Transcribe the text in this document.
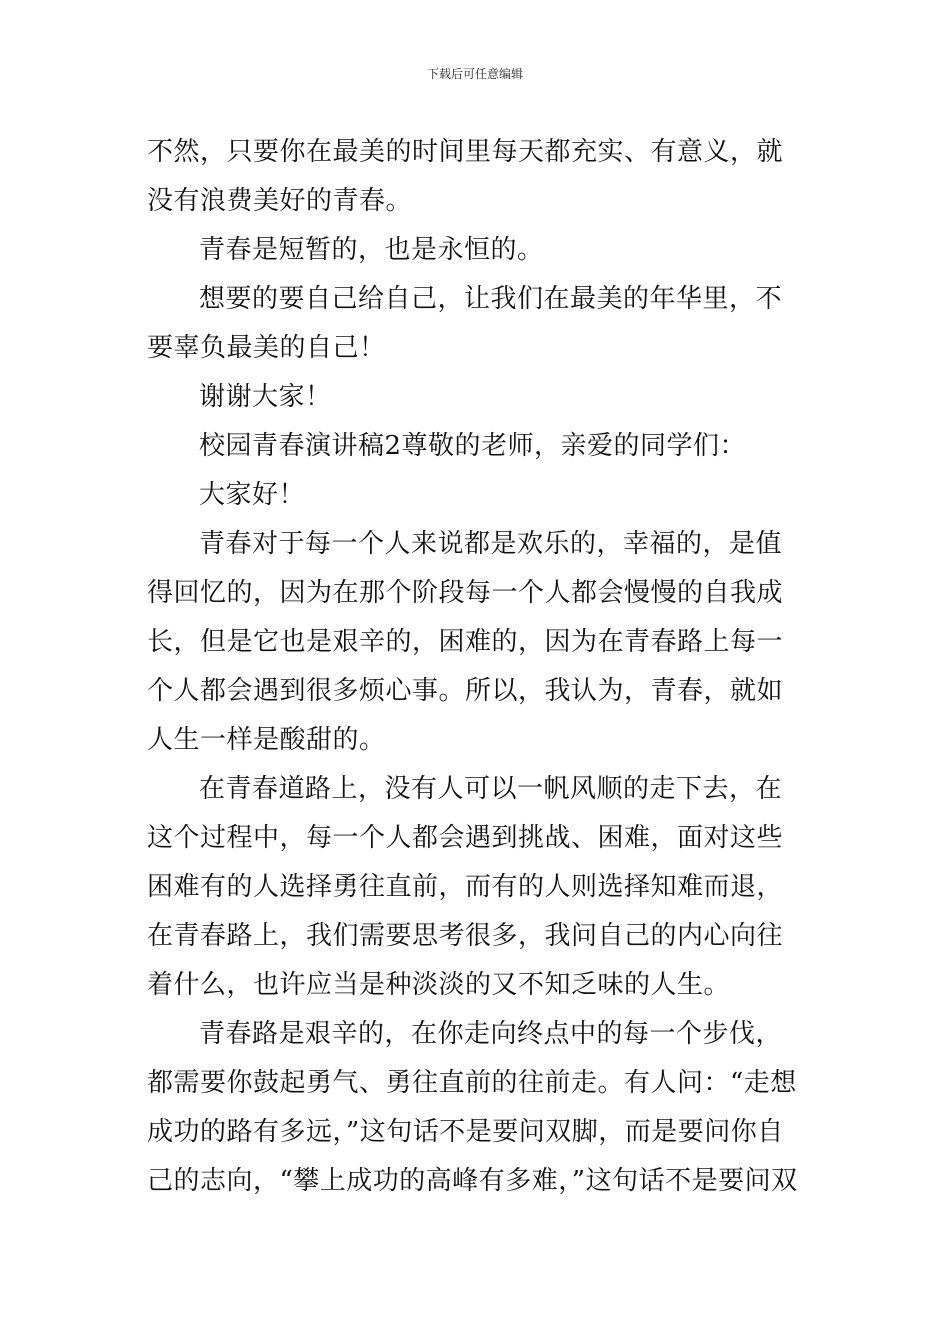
下载后可任意编辑

不然，只要你在最美的时间里每天都充实、有意义，就没有浪费美好的青春。

青春是短暂的，也是永恒的。

想要的要自己给自己，让我们在最美的年华里，不要辜负最美的自己！

谢谢大家！

校园青春演讲稿2尊敬的老师，亲爱的同学们：

大家好！

青春对于每一个人来说都是欢乐的，幸福的，是值得回忆的，因为在那个阶段每一个人都会慢慢的自我成长，但是它也是艰辛的，困难的，因为在青春路上每一个人都会遇到很多烦心事。所以，我认为，青春，就如人生一样是酸甜的。

在青春道路上，没有人可以一帆风顺的走下去，在这个过程中，每一个人都会遇到挑战、困难，面对这些困难有的人选择勇往直前，而有的人则选择知难而退，在青春路上，我们需要思考很多，我问自己的内心向往着什么，也许应当是种淡淡的又不知乏味的人生。

青春路是艰辛的，在你走向终点中的每一个步伐，都需要你鼓起勇气、勇往直前的往前走。有人问：“走想成功的路有多远，”这句话不是要问双脚，而是要问你自己的志向，“攀上成功的高峰有多难，”这句话不是要问双
